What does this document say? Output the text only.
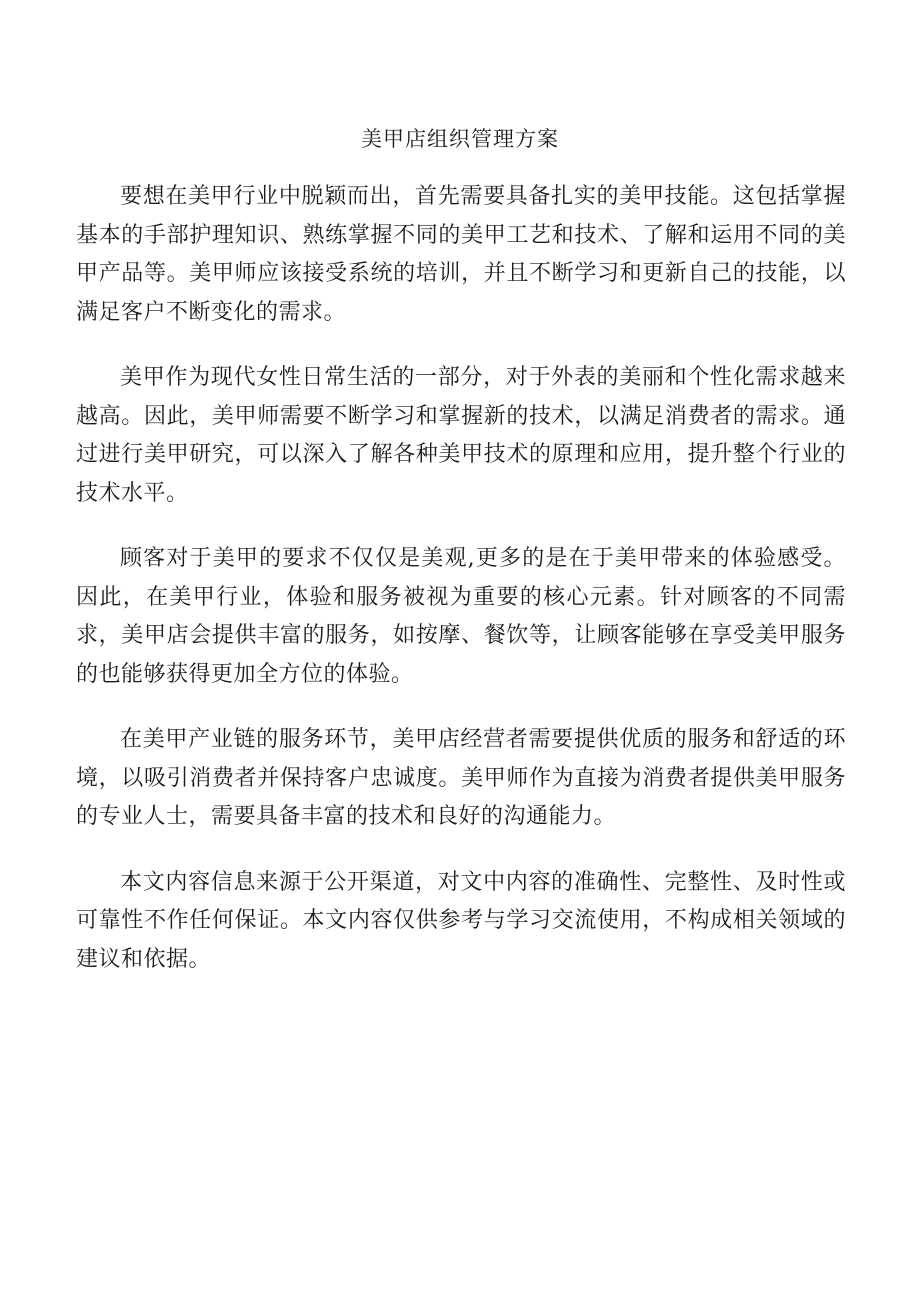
美甲店组织管理方案

要想在美甲行业中脱颖而出，首先需要具备扎实的美甲技能。这包括掌握基本的手部护理知识、熟练掌握不同的美甲工艺和技术、了解和运用不同的美甲产品等。美甲师应该接受系统的培训，并且不断学习和更新自己的技能，以满足客户不断变化的需求。

美甲作为现代女性日常生活的一部分，对于外表的美丽和个性化需求越来越高。因此，美甲师需要不断学习和掌握新的技术，以满足消费者的需求。通过进行美甲研究，可以深入了解各种美甲技术的原理和应用，提升整个行业的技术水平。

顾客对于美甲的要求不仅仅是美观,更多的是在于美甲带来的体验感受。因此，在美甲行业，体验和服务被视为重要的核心元素。针对顾客的不同需求，美甲店会提供丰富的服务，如按摩、餐饮等，让顾客能够在享受美甲服务的也能够获得更加全方位的体验。

在美甲产业链的服务环节，美甲店经营者需要提供优质的服务和舒适的环境，以吸引消费者并保持客户忠诚度。美甲师作为直接为消费者提供美甲服务的专业人士，需要具备丰富的技术和良好的沟通能力。

本文内容信息来源于公开渠道，对文中内容的准确性、完整性、及时性或可靠性不作任何保证。本文内容仅供参考与学习交流使用，不构成相关领域的建议和依据。
